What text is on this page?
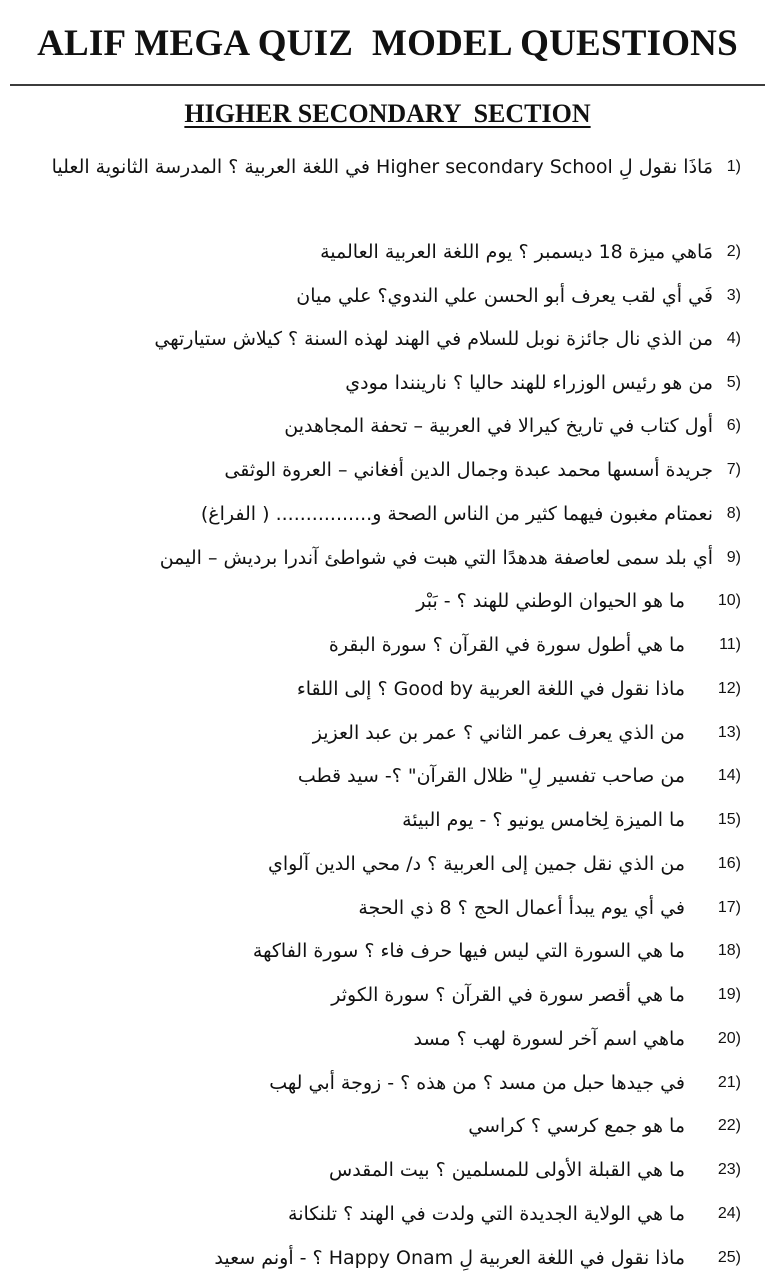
ALIF MEGA QUIZ  MODEL QUESTIONS
HIGHER SECONDARY  SECTION
1)

مَاذَا نقول لِ Higher secondary School في اللغة العربية ؟ المدرسة الثانوية العليا

2)

مَاهي ميزة 18 ديسمبر ؟ يوم اللغة العربية العالمية

3)

فَي أي لقب يعرف أبو الحسن علي الندوي؟ علي ميان

4)

من الذي نال جائزة نوبل للسلام في الهند لهذه السنة ؟ كيلاش ستيارتهي

5)

من هو رئيس الوزراء للهند حاليا ؟ نارينندا مودي

6)

أول كتاب في تاريخ كيرالا في العربية – تحفة المجاهدين

7)

جريدة أسسها محمد عبدة وجمال الدين أفغاني – العروة الوثقى

8)

نعمتام مغبون فيهما كثير من الناس الصحة و................ ( الفراغ)

9)

أي بلد سمى لعاصفة هدهدًا التي هبت في شواطئ آندرا برديش – اليمن

10)

ما هو الحيوان الوطني للهند ؟ - بَبْر

11)

ما هي أطول سورة في القرآن ؟ سورة البقرة

12)

ماذا نقول في اللغة العربية Good by ؟ إلى اللقاء

13)

من الذي يعرف عمر الثاني ؟ عمر بن عبد العزيز

14)

من صاحب تفسير لِ" ظلال القرآن" ؟- سيد قطب

15)

ما الميزة لِخامس يونيو ؟ - يوم البيئة

16)

من الذي نقل جمين إلى العربية ؟ د/ محي الدين آلواي

17)

في أي يوم يبدأ أعمال الحج ؟ 8 ذي الحجة

18)

ما هي السورة التي ليس فيها حرف فاء ؟ سورة الفاكهة

19)

ما هي أقصر سورة في القرآن ؟ سورة الكوثر

20)

ماهي اسم آخر لسورة لهب ؟ مسد

21)

في جيدها حبل من مسد ؟ من هذه ؟ - زوجة أبي لهب

22)

ما هو جمع كرسي ؟ كراسي

23)

ما هي القبلة الأولى للمسلمين ؟ بيت المقدس

24)

ما هي الولاية الجديدة التي ولدت في الهند ؟ تلنكانة

25)

ماذا نقول في اللغة العربية لِ Happy Onam ؟ - أونم سعيد
